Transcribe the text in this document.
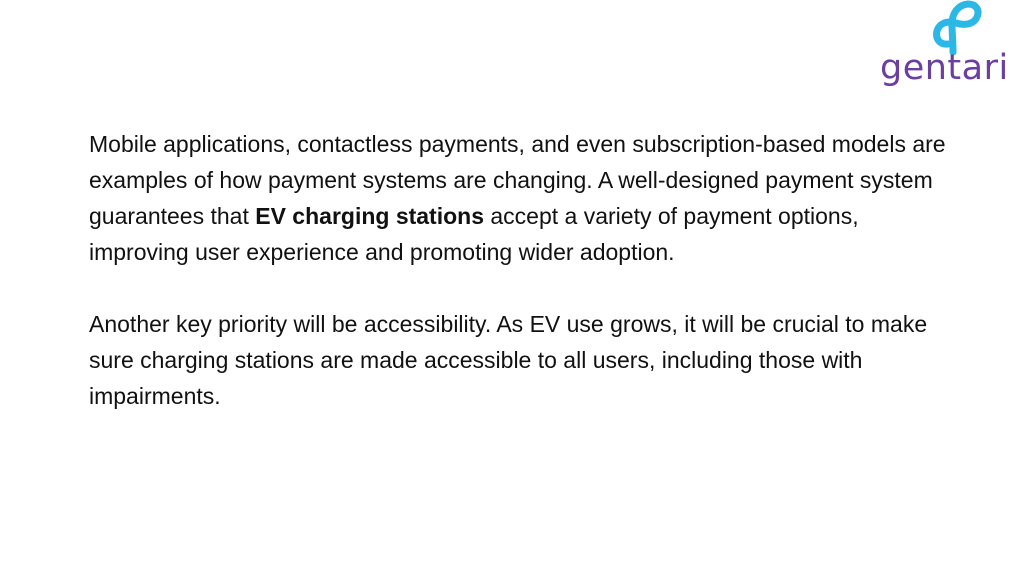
gentari

Mobile applications, contactless payments, and even subscription-based models are examples of how payment systems are changing. A well-designed payment system guarantees that EV charging stations accept a variety of payment options, improving user experience and promoting wider adoption.

Another key priority will be accessibility. As EV use grows, it will be crucial to make sure charging stations are made accessible to all users, including those with impairments.
